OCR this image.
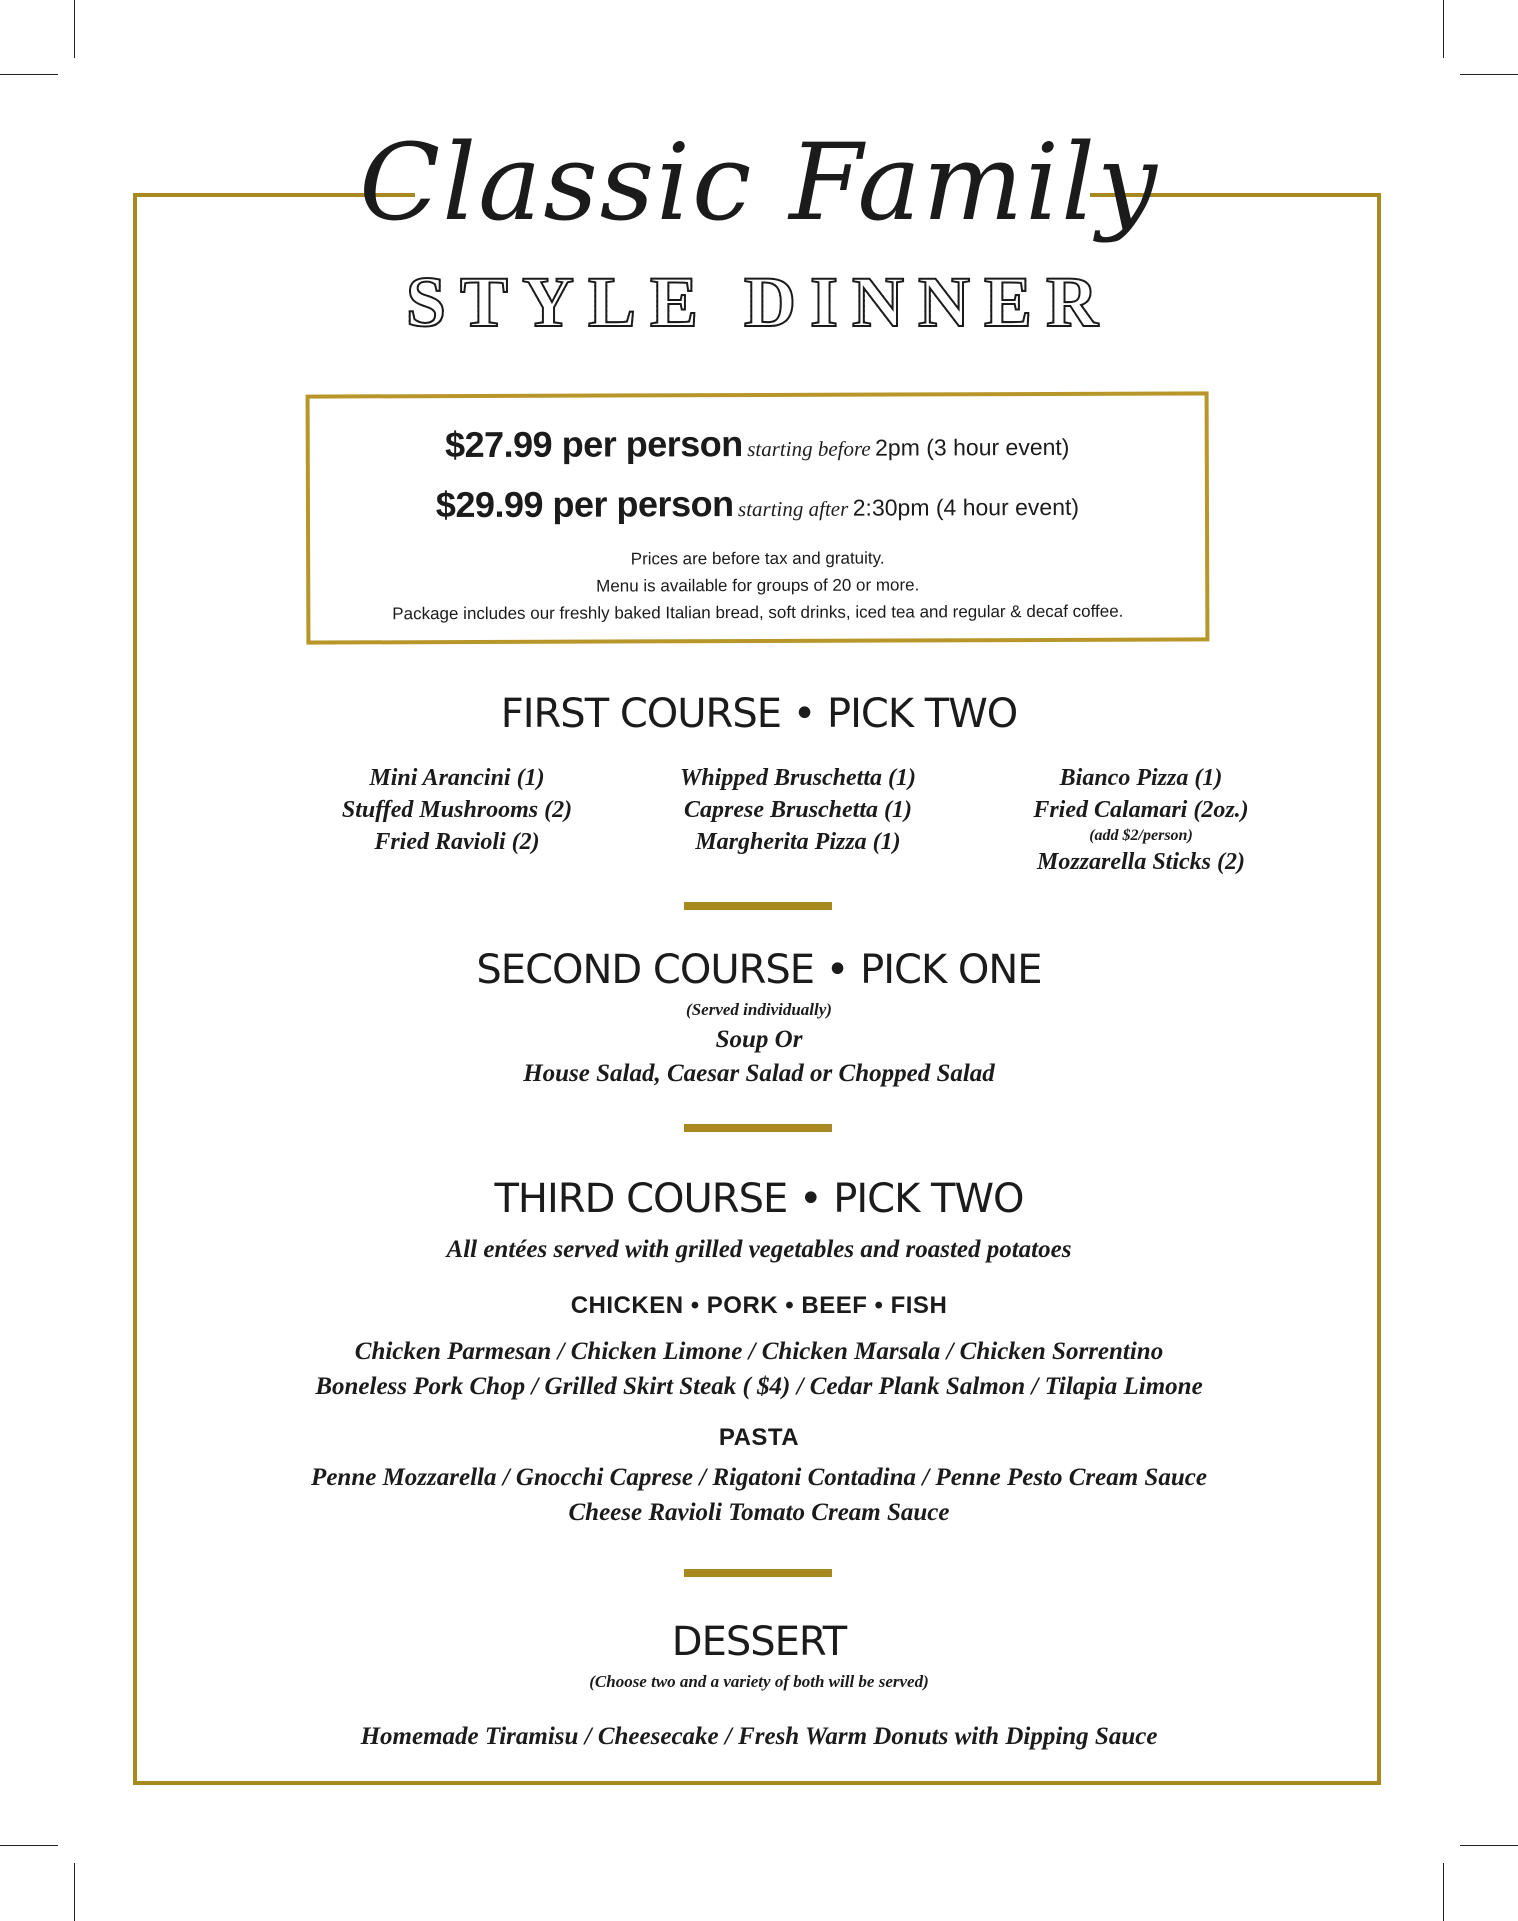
Classic Family
STYLE DINNER
$27.99 per person starting before 2pm (3 hour event)
$29.99 per person starting after 2:30pm (4 hour event)
Prices are before tax and gratuity.
Menu is available for groups of 20 or more.
Package includes our freshly baked Italian bread, soft drinks, iced tea and regular & decaf coffee.
FIRST COURSE • PICK TWO
Mini Arancini (1)
Stuffed Mushrooms (2)
Fried Ravioli (2)
Whipped Bruschetta (1)
Caprese Bruschetta (1)
Margherita Pizza (1)
Bianco Pizza (1)
Fried Calamari (2oz.)
(add $2/person)
Mozzarella Sticks (2)
SECOND COURSE • PICK ONE
(Served individually)
Soup Or
House Salad, Caesar Salad or Chopped Salad
THIRD COURSE • PICK TWO
All entées served with grilled vegetables and roasted potatoes
CHICKEN • PORK • BEEF • FISH
Chicken Parmesan / Chicken Limone / Chicken Marsala / Chicken Sorrentino
Boneless Pork Chop / Grilled Skirt Steak ( $4) / Cedar Plank Salmon / Tilapia Limone
PASTA
Penne Mozzarella / Gnocchi Caprese / Rigatoni Contadina / Penne Pesto Cream Sauce
Cheese Ravioli Tomato Cream Sauce
DESSERT
(Choose two and a variety of both will be served)
Homemade Tiramisu / Cheesecake / Fresh Warm Donuts with Dipping Sauce
